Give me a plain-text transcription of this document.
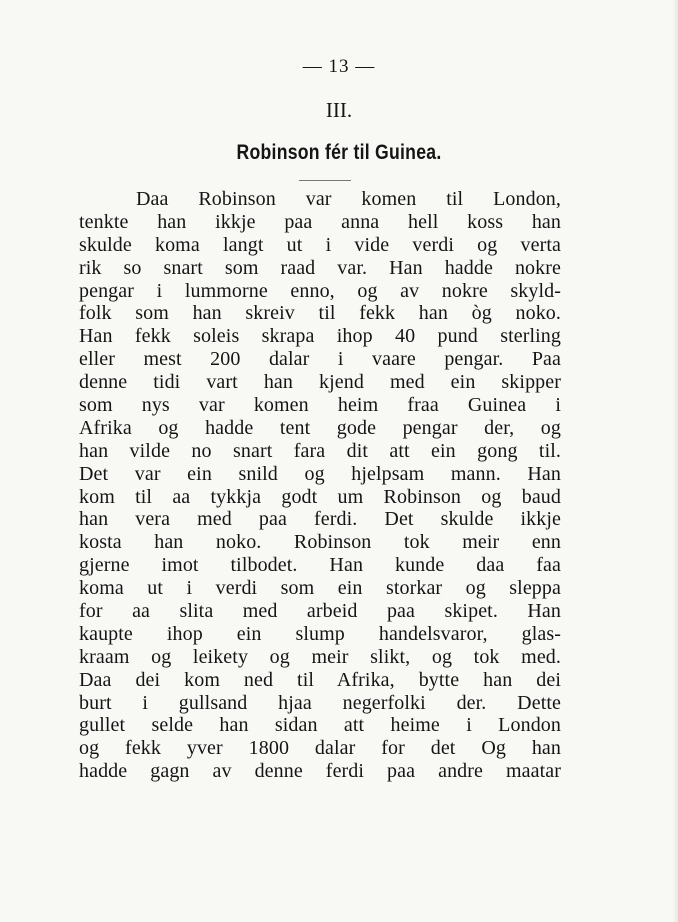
— 13 —
III.
Robinson fér til Guinea.
Daa Robinson var komen til London,
tenkte han ikkje paa anna hell koss han
skulde koma langt ut i vide verdi og verta
rik so snart som raad var. Han hadde nokre
pengar i lummorne enno, og av nokre skyld-
folk som han skreiv til fekk han òg noko.
Han fekk soleis skrapa ihop 40 pund sterling
eller mest 200 dalar i vaare pengar. Paa
denne tidi vart han kjend med ein skipper
som nys var komen heim fraa Guinea i
Afrika og hadde tent gode pengar der, og
han vilde no snart fara dit att ein gong til.
Det var ein snild og hjelpsam mann. Han
kom til aa tykkja godt um Robinson og baud
han vera med paa ferdi. Det skulde ikkje
kosta han noko. Robinson tok meir enn
gjerne imot tilbodet. Han kunde daa faa
koma ut i verdi som ein storkar og sleppa
for aa slita med arbeid paa skipet. Han
kaupte ihop ein slump handelsvaror, glas-
kraam og leikety og meir slikt, og tok med.
Daa dei kom ned til Afrika, bytte han dei
burt i gullsand hjaa negerfolki der. Dette
gullet selde han sidan att heime i London
og fekk yver 1800 dalar for det Og han
hadde gagn av denne ferdi paa andre maatar
